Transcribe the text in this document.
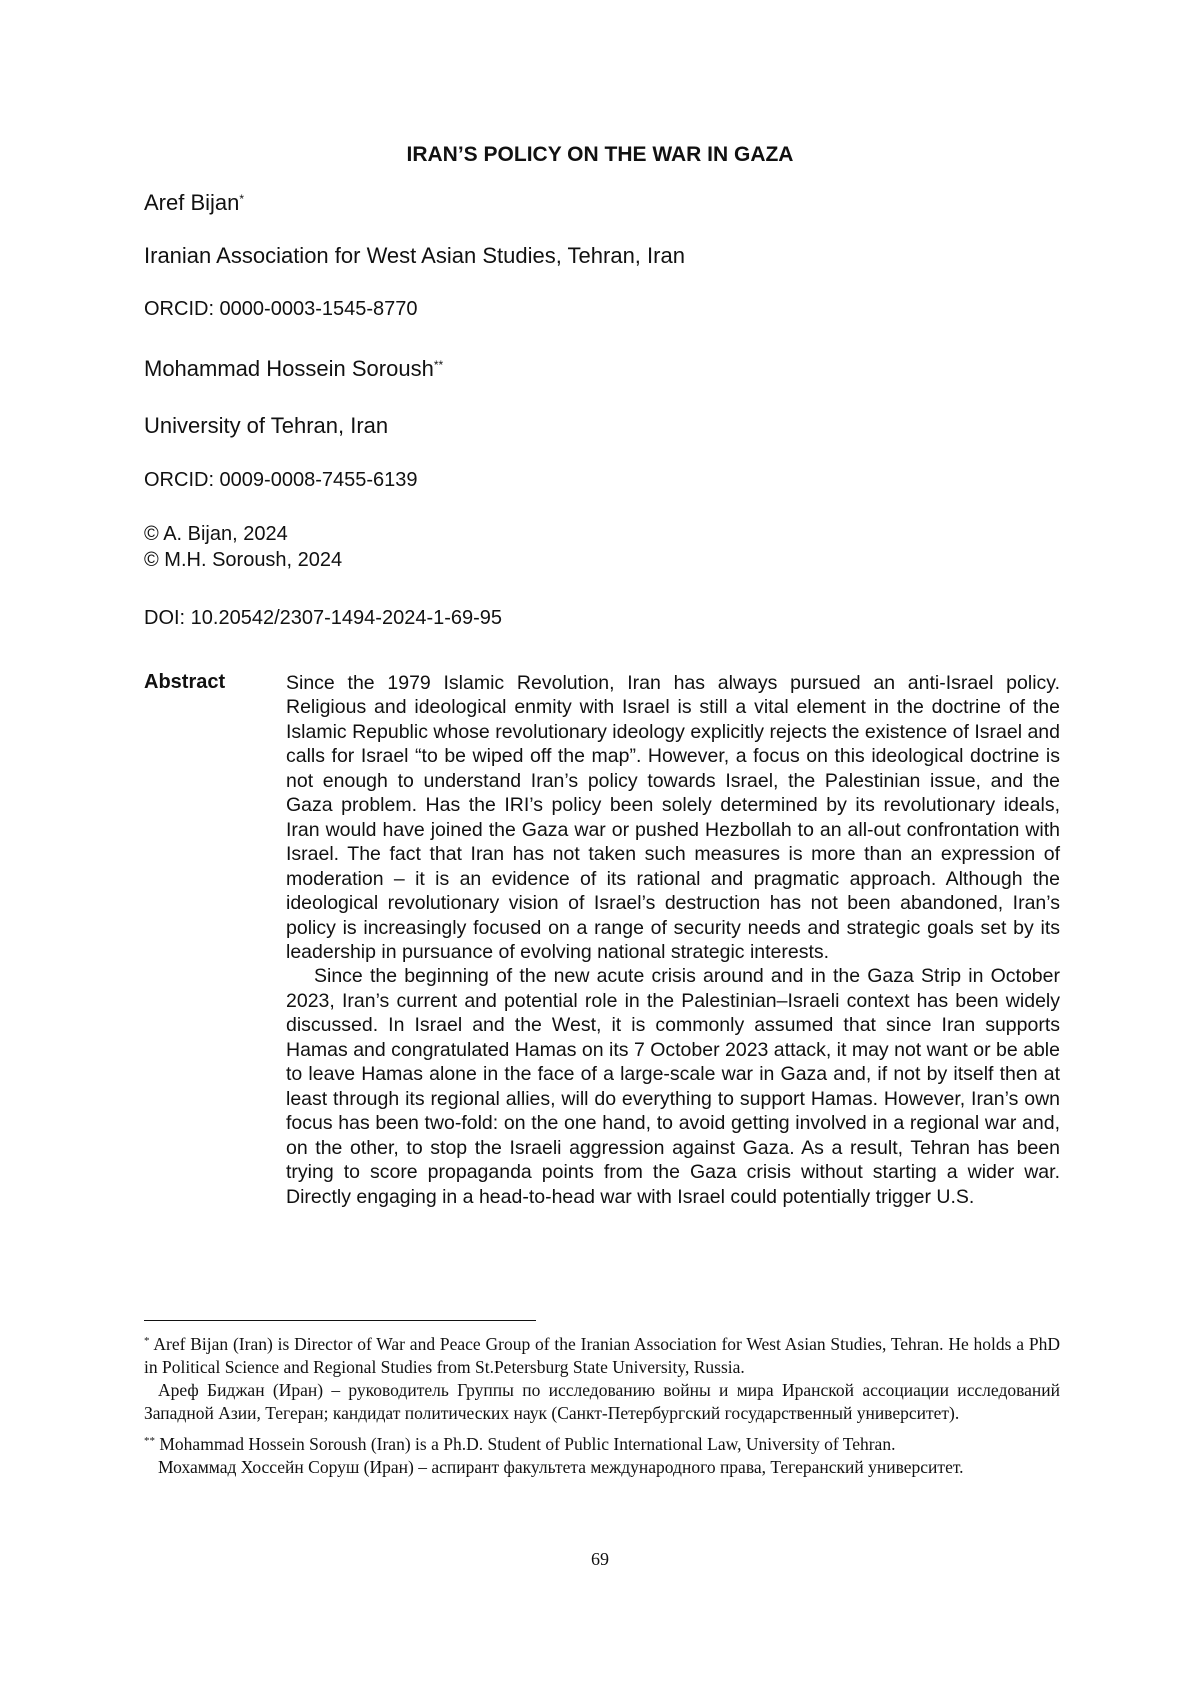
IRAN’S POLICY ON THE WAR IN GAZA
Aref Bijan*
Iranian Association for West Asian Studies, Tehran, Iran
ORCID: 0000-0003-1545-8770
Mohammad Hossein Soroush**
University of Tehran, Iran
ORCID: 0009-0008-7455-6139
© A. Bijan, 2024
© M.H. Soroush, 2024
DOI: 10.20542/2307-1494-2024-1-69-95
Abstract	Since the 1979 Islamic Revolution, Iran has always pursued an anti-Israel policy. Religious and ideological enmity with Israel is still a vital element in the doctrine of the Islamic Republic whose revolutionary ideology explicitly rejects the existence of Israel and calls for Israel “to be wiped off the map”. However, a focus on this ideological doctrine is not enough to understand Iran’s policy towards Israel, the Palestinian issue, and the Gaza problem. Has the IRI’s policy been solely determined by its revolutionary ideals, Iran would have joined the Gaza war or pushed Hezbollah to an all-out confrontation with Israel. The fact that Iran has not taken such measures is more than an expression of moderation – it is an evidence of its rational and pragmatic approach. Although the ideological revolutionary vision of Israel’s destruction has not been abandoned, Iran’s policy is increasingly focused on a range of security needs and strategic goals set by its leadership in pursuance of evolving national strategic interests.

Since the beginning of the new acute crisis around and in the Gaza Strip in October 2023, Iran’s current and potential role in the Palestinian–Israeli context has been widely discussed. In Israel and the West, it is commonly assumed that since Iran supports Hamas and congratulated Hamas on its 7 October 2023 attack, it may not want or be able to leave Hamas alone in the face of a large-scale war in Gaza and, if not by itself then at least through its regional allies, will do everything to support Hamas. However, Iran’s own focus has been two-fold: on the one hand, to avoid getting involved in a regional war and, on the other, to stop the Israeli aggression against Gaza. As a result, Tehran has been trying to score propaganda points from the Gaza crisis without starting a wider war. Directly engaging in a head-to-head war with Israel could potentially trigger U.S.

* Aref Bijan (Iran) is Director of War and Peace Group of the Iranian Association for West Asian Studies, Tehran. He holds a PhD in Political Science and Regional Studies from St.Petersburg State University, Russia.

Ареф Биджан (Иран) – руководитель Группы по исследованию войны и мира Иранской ассоциации исследований Западной Азии, Тегеран; кандидат политических наук (Санкт-Петербургский государственный университет).

** Mohammad Hossein Soroush (Iran) is a Ph.D. Student of Public International Law, University of Tehran.

Мохаммад Хоссейн Соруш (Иран) – аспирант факультета международного права, Тегеранский университет.

69
